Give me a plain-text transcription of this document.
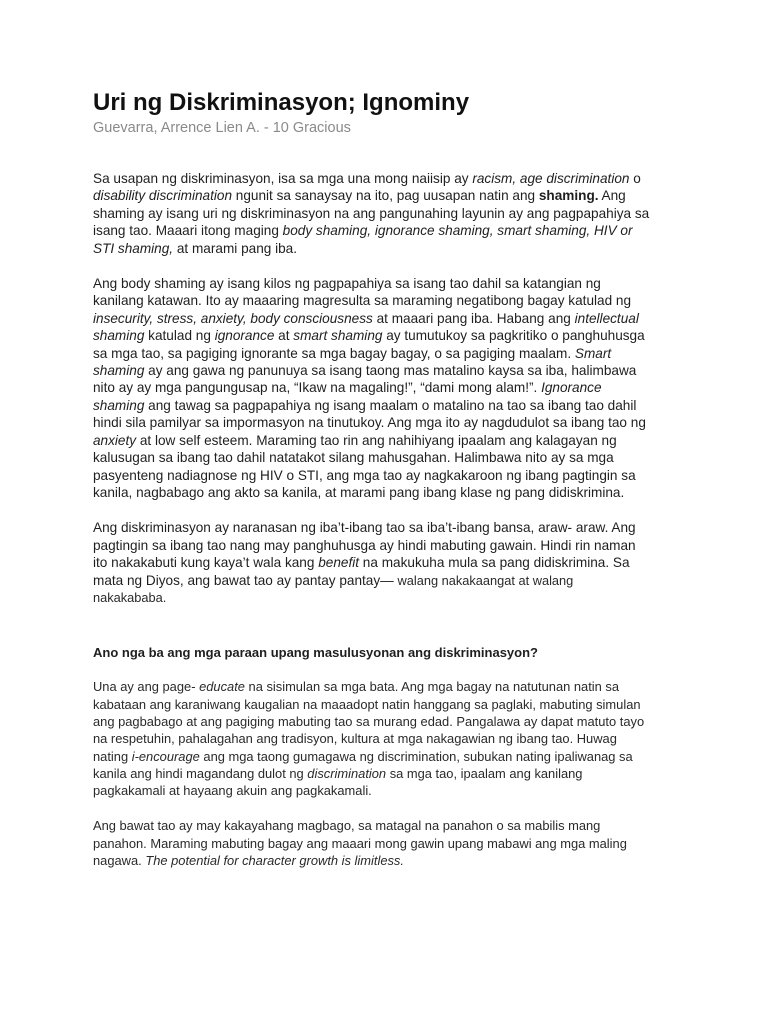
Uri ng Diskriminasyon; Ignominy

Guevarra, Arrence Lien A. - 10 Gracious

Sa usapan ng diskriminasyon, isa sa mga una mong naiisip ay racism, age discrimination o
disability discrimination ngunit sa sanaysay na ito, pag uusapan natin ang shaming. Ang
shaming ay isang uri ng diskriminasyon na ang pangunahing layunin ay ang pagpapahiya sa
isang tao. Maaari itong maging body shaming, ignorance shaming, smart shaming, HIV or
STI shaming, at marami pang iba.
Ang body shaming ay isang kilos ng pagpapahiya sa isang tao dahil sa katangian ng
kanilang katawan. Ito ay maaaring magresulta sa maraming negatibong bagay katulad ng
insecurity, stress, anxiety, body consciousness at maaari pang iba. Habang ang intellectual
shaming katulad ng ignorance at smart shaming ay tumutukoy sa pagkritiko o panghuhusga
sa mga tao, sa pagiging ignorante sa mga bagay bagay, o sa pagiging maalam. Smart
shaming ay ang gawa ng panunuya sa isang taong mas matalino kaysa sa iba, halimbawa
nito ay ay mga pangungusap na, “Ikaw na magaling!”, “dami mong alam!”. Ignorance
shaming ang tawag sa pagpapahiya ng isang maalam o matalino na tao sa ibang tao dahil
hindi sila pamilyar sa impormasyon na tinutukoy. Ang mga ito ay nagdudulot sa ibang tao ng
anxiety at low self esteem. Maraming tao rin ang nahihiyang ipaalam ang kalagayan ng
kalusugan sa ibang tao dahil natatakot silang mahusgahan. Halimbawa nito ay sa mga
pasyenteng nadiagnose ng HIV o STI, ang mga tao ay nagkakaroon ng ibang pagtingin sa
kanila, nagbabago ang akto sa kanila, at marami pang ibang klase ng pang didiskrimina.
Ang diskriminasyon ay naranasan ng iba’t-ibang tao sa iba’t-ibang bansa, araw- araw. Ang
pagtingin sa ibang tao nang may panghuhusga ay hindi mabuting gawain. Hindi rin naman
ito nakakabuti kung kaya’t wala kang benefit na makukuha mula sa pang didiskrimina. Sa
mata ng Diyos, ang bawat tao ay pantay pantay— walang nakakaangat at walang
nakakababa.
Ano nga ba ang mga paraan upang masulusyonan ang diskriminasyon?
Una ay ang page- educate na sisimulan sa mga bata. Ang mga bagay na natutunan natin sa
kabataan ang karaniwang kaugalian na maaadopt natin hanggang sa paglaki, mabuting simulan
ang pagbabago at ang pagiging mabuting tao sa murang edad. Pangalawa ay dapat matuto tayo
na respetuhin, pahalagahan ang tradisyon, kultura at mga nakagawian ng ibang tao. Huwag
nating i-encourage ang mga taong gumagawa ng discrimination, subukan nating ipaliwanag sa
kanila ang hindi magandang dulot ng discrimination sa mga tao, ipaalam ang kanilang
pagkakamali at hayaang akuin ang pagkakamali.
Ang bawat tao ay may kakayahang magbago, sa matagal na panahon o sa mabilis mang
panahon. Maraming mabuting bagay ang maaari mong gawin upang mabawi ang mga maling
nagawa. The potential for character growth is limitless.
